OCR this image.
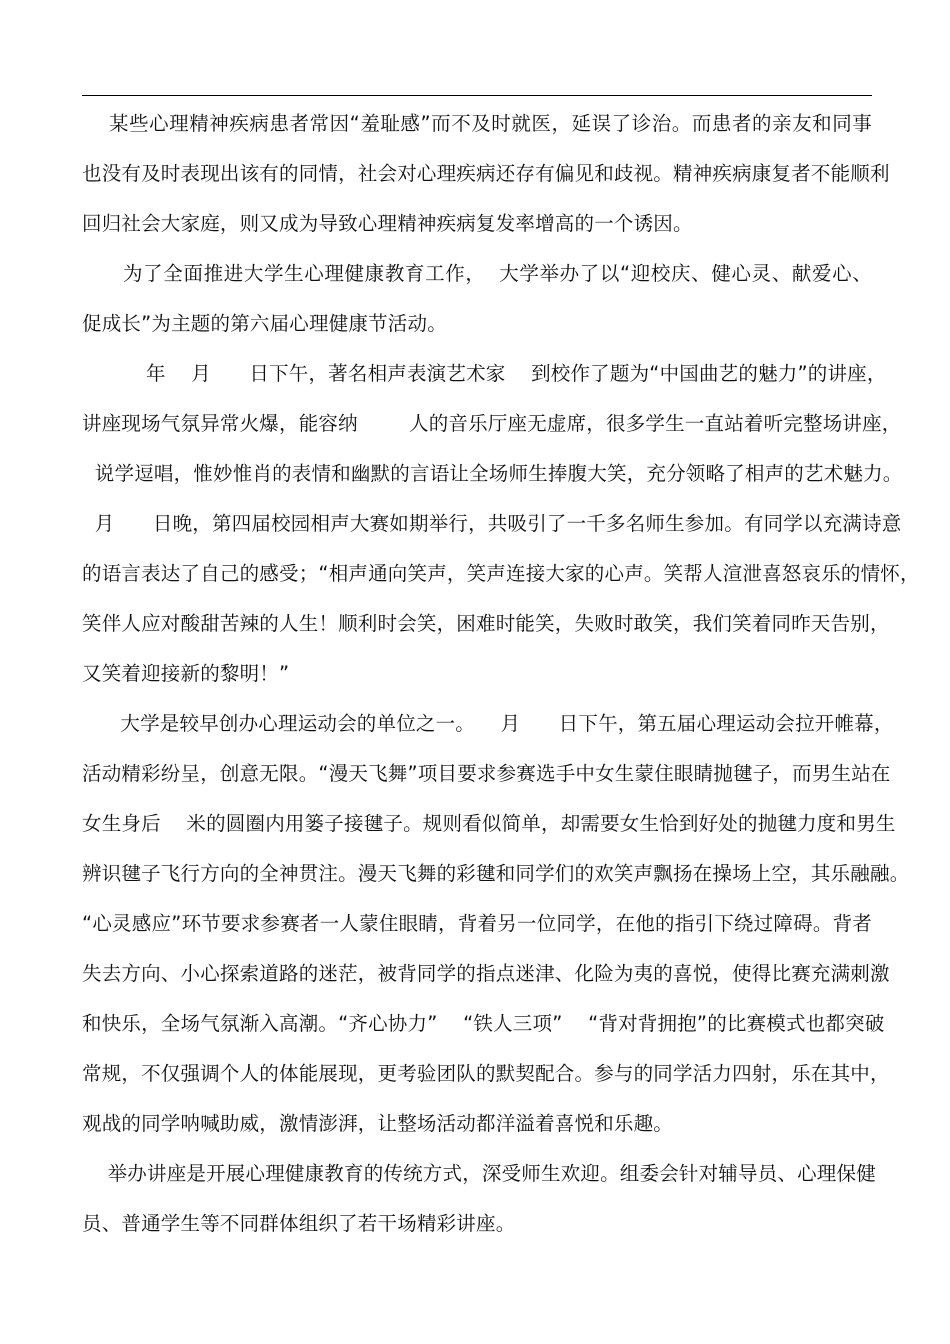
某些心理精神疾病患者常因“羞耻感”而不及时就医，延误了诊治。而患者的亲友和同事
也没有及时表现出该有的同情，社会对心理疾病还存有偏见和歧视。精神疾病康复者不能顺利
回归社会大家庭，则又成为导致心理精神疾病复发率增高的一个诱因。
为了全面推进大学生心理健康教育工作，  大学举办了以“迎校庆、健心灵、献爱心、
促成长”为主题的第六届心理健康节活动。
年    月      日下午，著名相声表演艺术家    到校作了题为“中国曲艺的魅力”的讲座，
讲座现场气氛异常火爆，能容纳        人的音乐厅座无虚席，很多学生一直站着听完整场讲座，
说学逗唱，惟妙惟肖的表情和幽默的言语让全场师生捧腹大笑，充分领略了相声的艺术魅力。
月      日晚，第四届校园相声大赛如期举行，共吸引了一千多名师生参加。有同学以充满诗意
的语言表达了自己的感受；“相声通向笑声，笑声连接大家的心声。笑帮人渲泄喜怒哀乐的情怀，
笑伴人应对酸甜苦辣的人生！顺利时会笑，困难时能笑，失败时敢笑，我们笑着同昨天告别，
又笑着迎接新的黎明！”
大学是较早创办心理运动会的单位之一。    月      日下午，第五届心理运动会拉开帷幕，
活动精彩纷呈，创意无限。“漫天飞舞”项目要求参赛选手中女生蒙住眼睛抛毽子，而男生站在
女生身后    米的圆圈内用篓子接毽子。规则看似简单，却需要女生恰到好处的抛毽力度和男生
辨识毽子飞行方向的全神贯注。漫天飞舞的彩毽和同学们的欢笑声飘扬在操场上空，其乐融融。
“心灵感应”环节要求参赛者一人蒙住眼睛，背着另一位同学，在他的指引下绕过障碍。背者
失去方向、小心探索道路的迷茫，被背同学的指点迷津、化险为夷的喜悦，使得比赛充满刺激
和快乐，全场气氛渐入高潮。“齐心协力”    “铁人三项”    “背对背拥抱”的比赛模式也都突破
常规，不仅强调个人的体能展现，更考验团队的默契配合。参与的同学活力四射，乐在其中，
观战的同学呐喊助威，激情澎湃，让整场活动都洋溢着喜悦和乐趣。
举办讲座是开展心理健康教育的传统方式，深受师生欢迎。组委会针对辅导员、心理保健
员、普通学生等不同群体组织了若干场精彩讲座。
